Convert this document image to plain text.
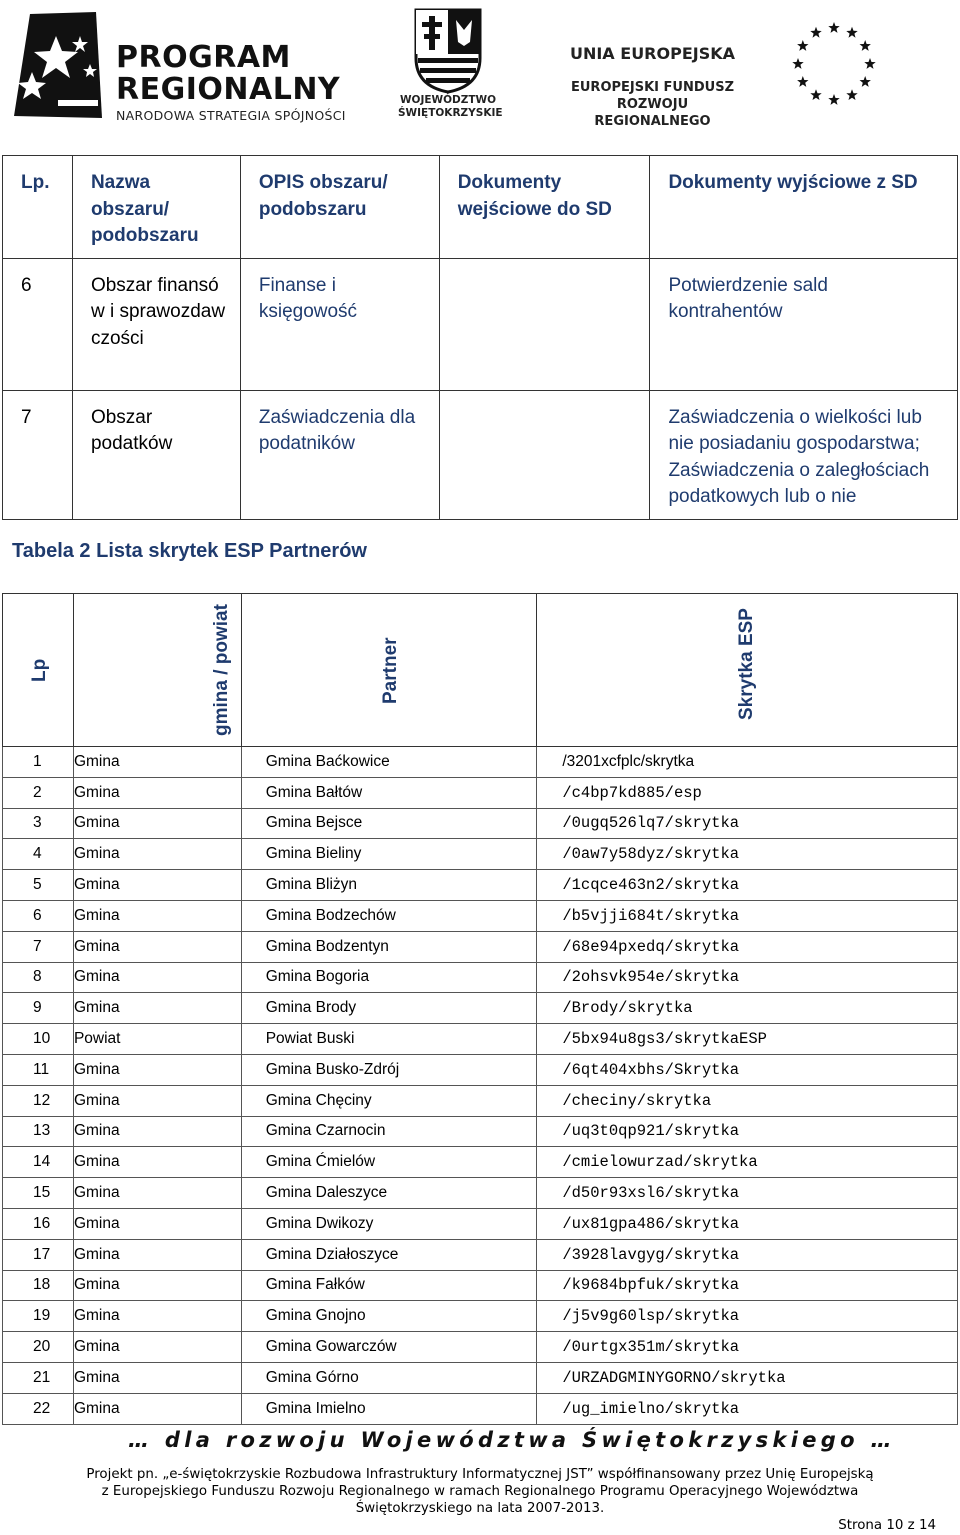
PROGRAM
REGIONALNY
NARODOWA STRATEGIA SPÓJNOŚCI
WOJEWÓDZTWO
ŚWIĘTOKRZYSKIE
UNIA EUROPEJSKA
EUROPEJSKI FUNDUSZ
ROZWOJU REGIONALNEGO
Lp.	Nazwa obszaru/ podobszaru	OPIS obszaru/ podobszaru	Dokumenty wejściowe do SD	Dokumenty wyjściowe z SD
6	Obszar finansów i sprawozdawczości	Finanse i księgowość		Potwierdzenie sald kontrahentów
7	Obszar podatków	Zaświadczenia dla podatników		Zaświadczenia o wielkości lub nie posiadaniu gospodarstwa; Zaświadczenia o zaległościach podatkowych lub o nie
Tabela 2 Lista skrytek ESP Partnerów
Lp	gmina / powiat	Partner	Skrytka ESP

1	Gmina	Gmina Baćkowice	/3201xcfplc/skrytka
2	Gmina	Gmina Bałtów	/c4bp7kd885/esp
3	Gmina	Gmina Bejsce	/0ugq526lq7/skrytka
4	Gmina	Gmina Bieliny	/0aw7y58dyz/skrytka
5	Gmina	Gmina Bliżyn	/1cqce463n2/skrytka
6	Gmina	Gmina Bodzechów	/b5vjji684t/skrytka
7	Gmina	Gmina Bodzentyn	/68e94pxedq/skrytka
8	Gmina	Gmina Bogoria	/2ohsvk954e/skrytka
9	Gmina	Gmina Brody	/Brody/skrytka
10	Powiat	Powiat Buski	/5bx94u8gs3/skrytkaESP
11	Gmina	Gmina Busko-Zdrój	/6qt404xbhs/Skrytka
12	Gmina	Gmina Chęciny	/checiny/skrytka
13	Gmina	Gmina Czarnocin	/uq3t0qp921/skrytka
14	Gmina	Gmina Ćmielów	/cmielowurzad/skrytka
15	Gmina	Gmina Daleszyce	/d50r93xsl6/skrytka
16	Gmina	Gmina Dwikozy	/ux81gpa486/skrytka
17	Gmina	Gmina Działoszyce	/3928lavgyg/skrytka
18	Gmina	Gmina Fałków	/k9684bpfuk/skrytka
19	Gmina	Gmina Gnojno	/j5v9g60lsp/skrytka
20	Gmina	Gmina Gowarczów	/0urtgx351m/skrytka
21	Gmina	Gmina Górno	/URZADGMINYGORNO/skrytka
22	Gmina	Gmina Imielno	/ug_imielno/skrytka
… dla rozwoju Województwa Świętokrzyskiego …
Projekt pn. „e-świętokrzyskie Rozbudowa Infrastruktury Informatycznej JST” współfinansowany przez Unię Europejską
z Europejskiego Funduszu Rozwoju Regionalnego w ramach Regionalnego Programu Operacyjnego Województwa
Świętokrzyskiego na lata 2007-2013.
Strona 10 z 14
